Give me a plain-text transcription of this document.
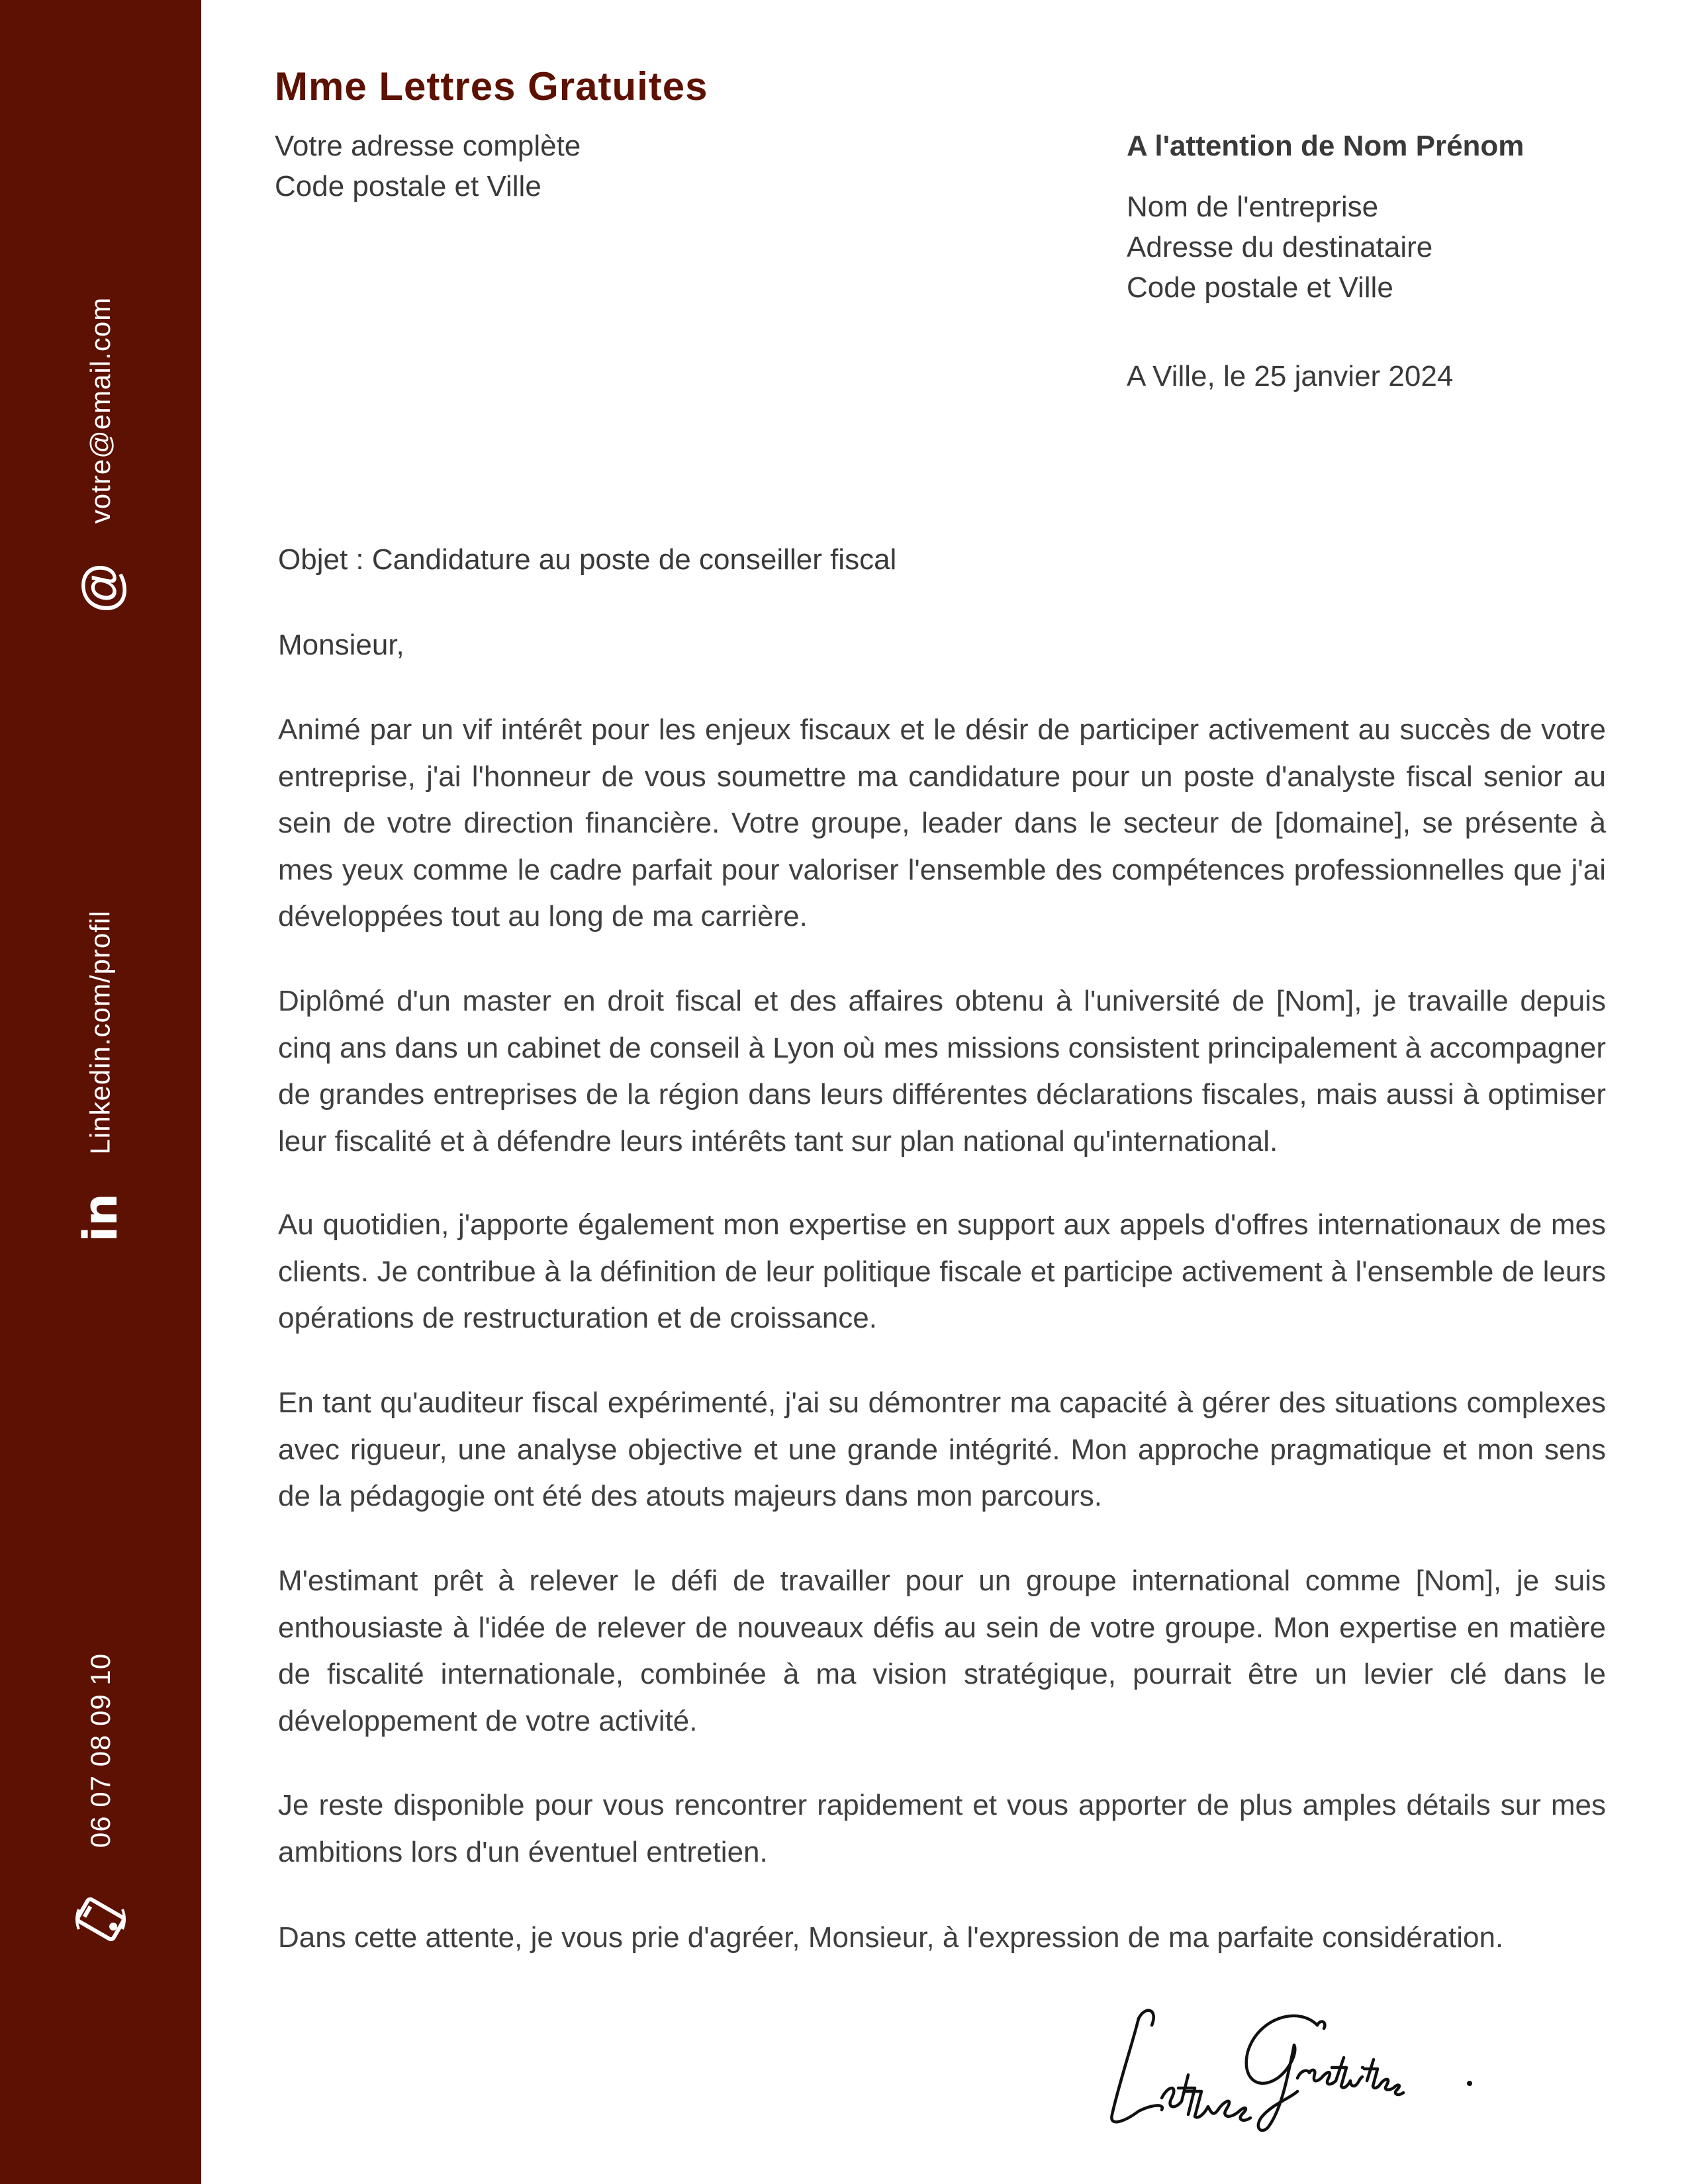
votre@email.com
@
Linkedin.com/profil
in
06 07 08 09 10
Mme Lettres Gratuites
Votre adresse complète
Code postale et Ville
A l'attention de Nom Prénom
Nom de l'entreprise
Adresse du destinataire
Code postale et Ville
A Ville, le 25 janvier 2024
Objet : Candidature au poste de conseiller fiscal
Monsieur,

Animé par un vif intérêt pour les enjeux fiscaux et le désir de participer activement au succès de votre entreprise, j'ai l'honneur de vous soumettre ma candidature pour un poste d'analyste fiscal senior au sein de votre direction financière. Votre groupe, leader dans le secteur de [domaine], se présente à mes yeux comme le cadre parfait pour valoriser l'ensemble des compétences professionnelles que j'ai développées tout au long de ma carrière.

Diplômé d'un master en droit fiscal et des affaires obtenu à l'université de [Nom], je travaille depuis cinq ans dans un cabinet de conseil à Lyon où mes missions consistent principalement à accompagner de grandes entreprises de la région dans leurs différentes déclarations fiscales, mais aussi à optimiser leur fiscalité et à défendre leurs intérêts tant sur plan national qu'international.

Au quotidien, j'apporte également mon expertise en support aux appels d'offres internationaux de mes clients. Je contribue à la définition de leur politique fiscale et participe activement à l'ensemble de leurs opérations de restructuration et de croissance.

En tant qu'auditeur fiscal expérimenté, j'ai su démontrer ma capacité à gérer des situations complexes avec rigueur, une analyse objective et une grande intégrité. Mon approche pragmatique et mon sens de la pédagogie ont été des atouts majeurs dans mon parcours.

M'estimant prêt à relever le défi de travailler pour un groupe international comme [Nom], je suis enthousiaste à l'idée de relever de nouveaux défis au sein de votre groupe. Mon expertise en matière de fiscalité internationale, combinée à ma vision stratégique, pourrait être un levier clé dans le développement de votre activité.

Je reste disponible pour vous rencontrer rapidement et vous apporter de plus amples détails sur mes ambitions lors d'un éventuel entretien.

Dans cette attente, je vous prie d'agréer, Monsieur, à l'expression de ma parfaite considération.
